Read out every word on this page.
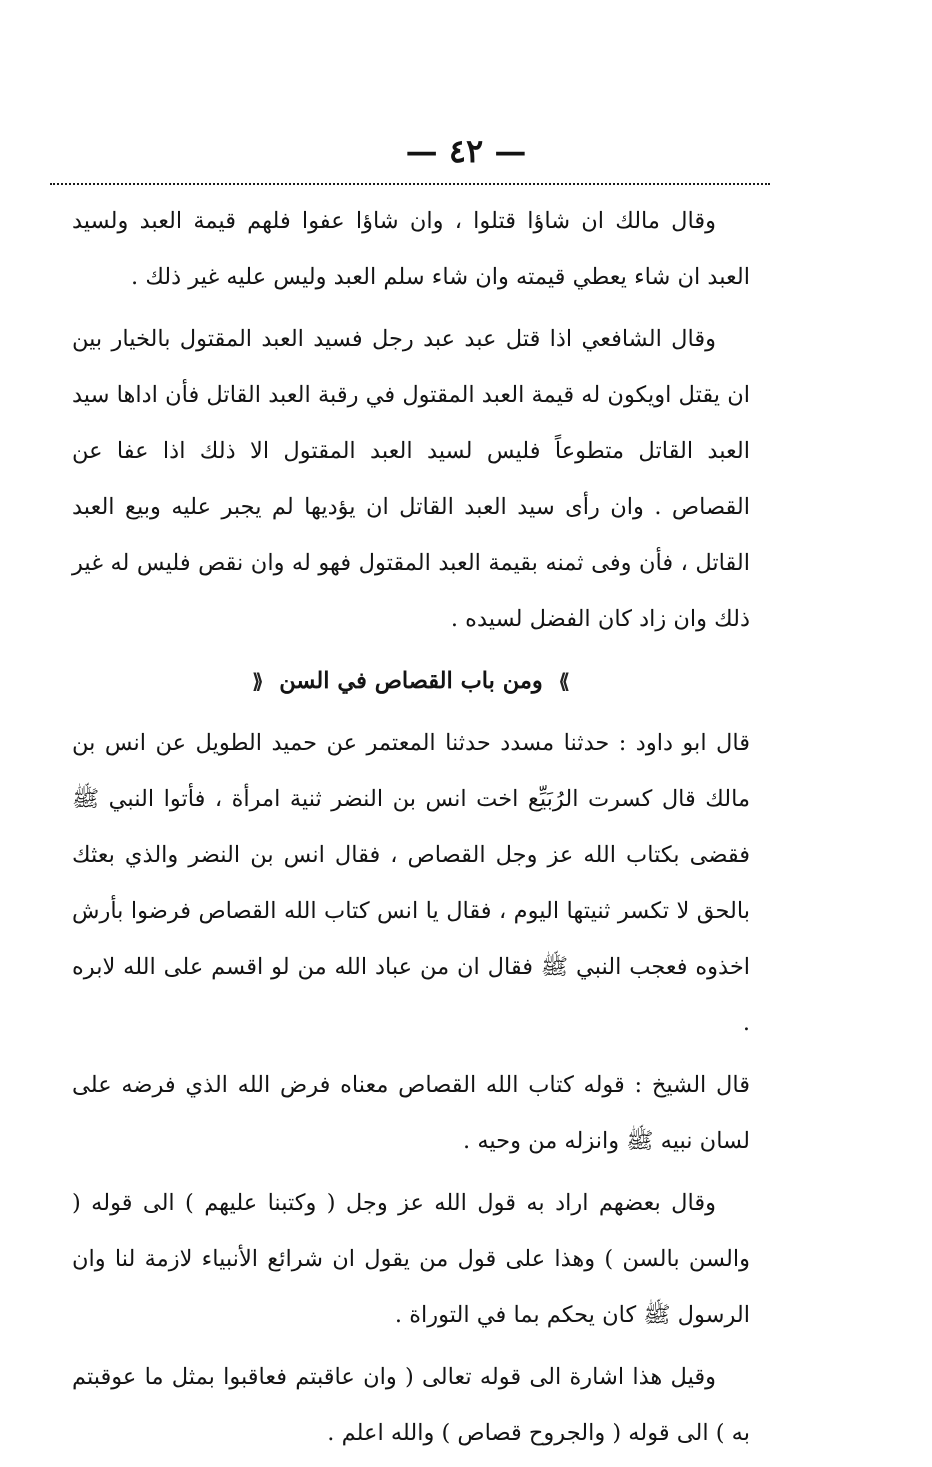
— ٤٢ —

وقال مالك ان شاؤا قتلوا ، وان شاؤا عفوا فلهم قيمة العبد ولسيد العبد ان شاء يعطي قيمته وان شاء سلم العبد وليس عليه غير ذلك .

وقال الشافعي اذا قتل عبد عبد رجل فسيد العبد المقتول بالخيار بين ان يقتل اويكون له قيمة العبد المقتول في رقبة العبد القاتل فأن اداها سيد العبد القاتل متطوعاً فليس لسيد العبد المقتول الا ذلك اذا عفا عن القصاص . وان رأى سيد العبد القاتل ان يؤديها لم يجبر عليه وبيع العبد القاتل ، فأن وفى ثمنه بقيمة العبد المقتول فهو له وان نقص فليس له غير ذلك وان زاد كان الفضل لسيده .

⟫ ومن باب القصاص في السن ⟪

قال ابو داود : حدثنا مسدد حدثنا المعتمر عن حميد الطويل عن انس بن مالك قال كسرت الرُبَيِّع اخت انس بن النضر ثنية امرأة ، فأتوا النبي ﷺ فقضى بكتاب الله عز وجل القصاص ، فقال انس بن النضر والذي بعثك بالحق لا تكسر ثنيتها اليوم ، فقال يا انس كتاب الله القصاص فرضوا بأرش اخذوه فعجب النبي ﷺ فقال ان من عباد الله من لو اقسم على الله لابره .

قال الشيخ : قوله كتاب الله القصاص معناه فرض الله الذي فرضه على لسان نبيه ﷺ وانزله من وحيه .

وقال بعضهم اراد به قول الله عز وجل ( وكتبنا عليهم ) الى قوله ( والسن بالسن ) وهذا على قول من يقول ان شرائع الأنبياء لازمة لنا وان الرسول ﷺ كان يحكم بما في التوراة .

وقيل هذا اشارة الى قوله تعالى ( وان عاقبتم فعاقبوا بمثل ما عوقبتم به ) الى قوله ( والجروح قصاص ) والله اعلم .
